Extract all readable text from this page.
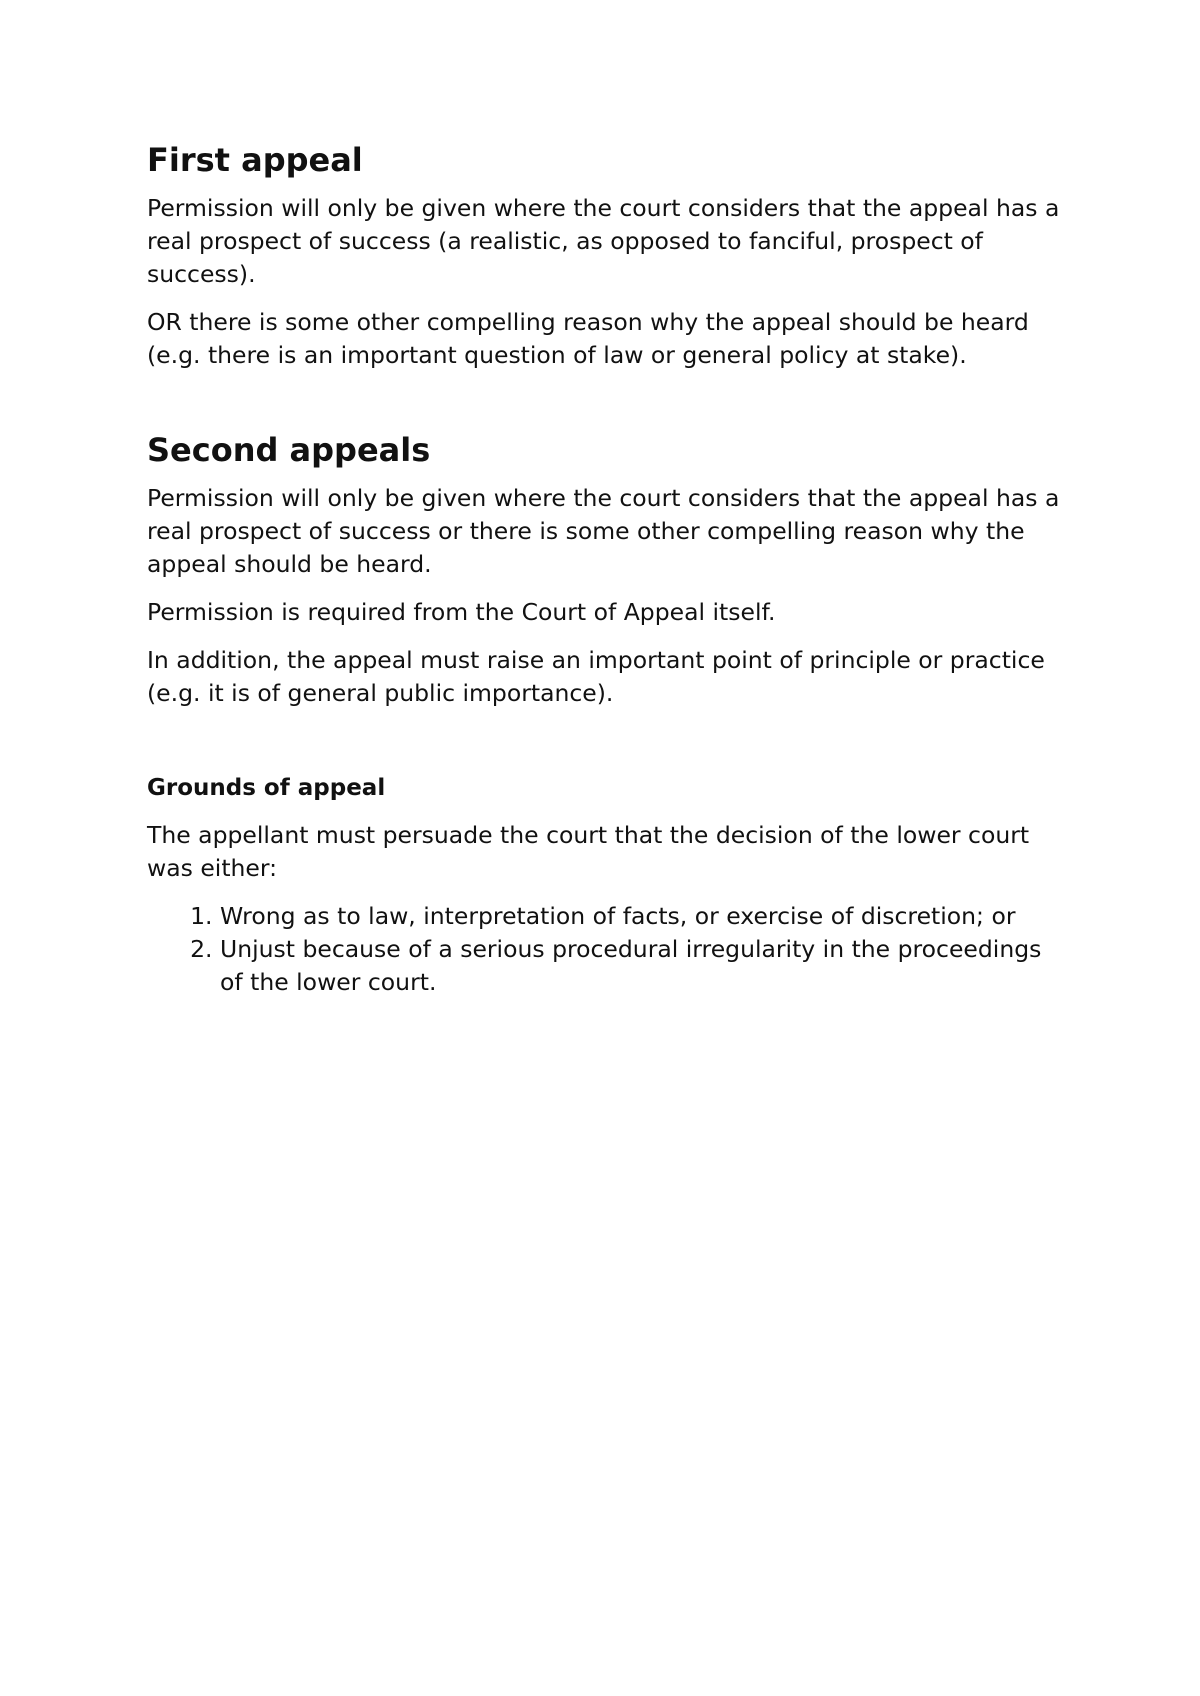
First appeal

Permission will only be given where the court considers that the appeal has a real prospect of success (a realistic, as opposed to fanciful, prospect of success).

OR there is some other compelling reason why the appeal should be heard (e.g. there is an important question of law or general policy at stake).

Second appeals

Permission will only be given where the court considers that the appeal has a real prospect of success or there is some other compelling reason why the appeal should be heard.

Permission is required from the Court of Appeal itself.

In addition, the appeal must raise an important point of principle or practice (e.g. it is of general public importance).

Grounds of appeal

The appellant must persuade the court that the decision of the lower court was either:

1. Wrong as to law, interpretation of facts, or exercise of discretion; or
2. Unjust because of a serious procedural irregularity in the proceedings of the lower court.
